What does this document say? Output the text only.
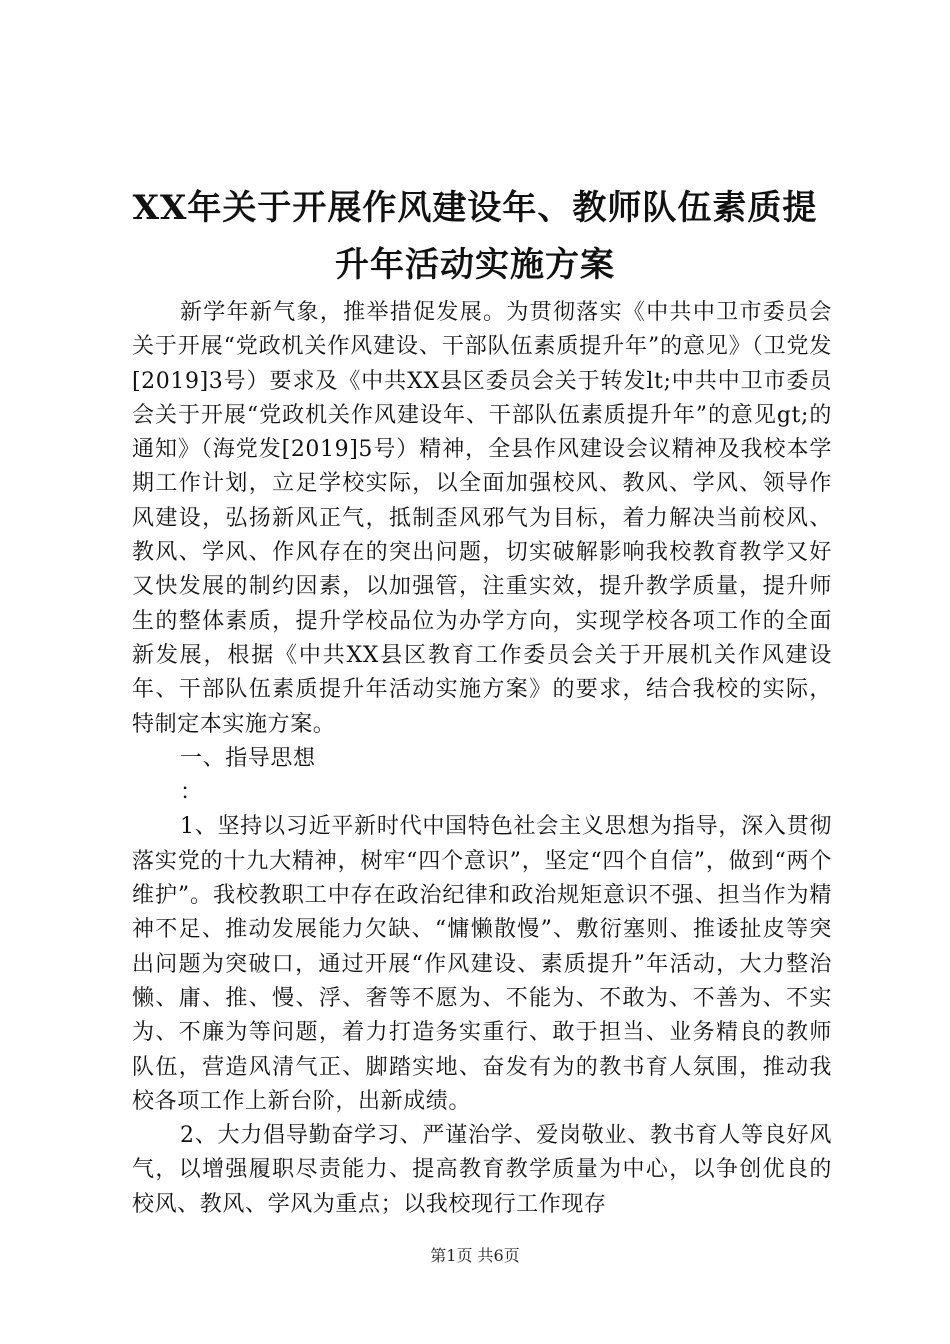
XX年关于开展作风建设年、教师队伍素质提
升年活动实施方案

新学年新气象，推举措促发展。为贯彻落实《中共中卫市委员会关于开展“党政机关作风建设、干部队伍素质提升年”的意见》（卫党发[2019]3号）要求及《中共XX县区委员会关于转发lt;中共中卫市委员会关于开展“党政机关作风建设年、干部队伍素质提升年”的意见gt;的通知》（海党发[2019]5号）精神，全县作风建设会议精神及我校本学期工作计划，立足学校实际，以全面加强校风、教风、学风、领导作风建设，弘扬新风正气，抵制歪风邪气为目标，着力解决当前校风、教风、学风、作风存在的突出问题，切实破解影响我校教育教学又好又快发展的制约因素，以加强管，注重实效，提升教学质量，提升师生的整体素质，提升学校品位为办学方向，实现学校各项工作的全面新发展，根据《中共XX县区教育工作委员会关于开展机关作风建设年、干部队伍素质提升年活动实施方案》的要求，结合我校的实际，特制定本实施方案。

一、指导思想

：

1、坚持以习近平新时代中国特色社会主义思想为指导，深入贯彻落实党的十九大精神，树牢“四个意识”，坚定“四个自信”，做到“两个维护”。我校教职工中存在政治纪律和政治规矩意识不强、担当作为精神不足、推动发展能力欠缺、“慵懒散慢”、敷衍塞则、推诿扯皮等突出问题为突破口，通过开展“作风建设、素质提升”年活动，大力整治懒、庸、推、慢、浮、奢等不愿为、不能为、不敢为、不善为、不实为、不廉为等问题，着力打造务实重行、敢于担当、业务精良的教师队伍，营造风清气正、脚踏实地、奋发有为的教书育人氛围，推动我校各项工作上新台阶，出新成绩。

2、大力倡导勤奋学习、严谨治学、爱岗敬业、教书育人等良好风气，以增强履职尽责能力、提高教育教学质量为中心，以争创优良的校风、教风、学风为重点；以我校现行工作现存

第1页 共6页
